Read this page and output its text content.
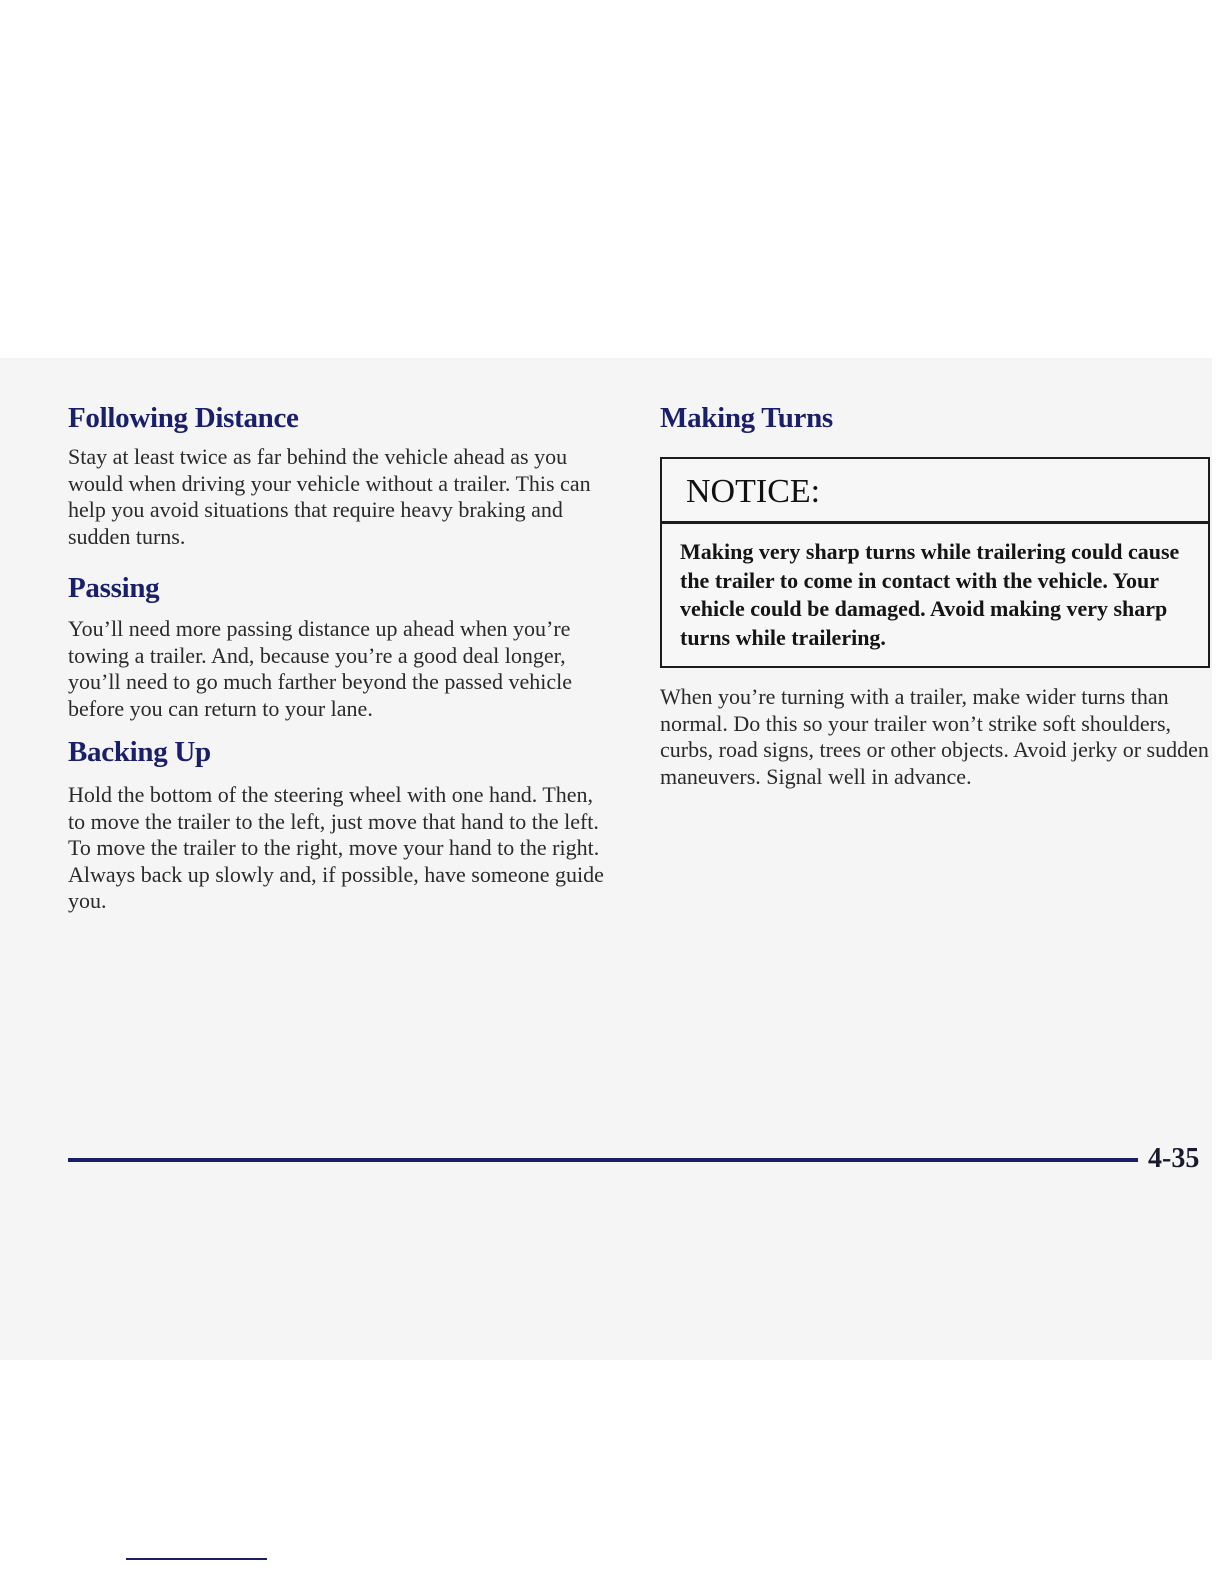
Following Distance

Stay at least twice as far behind the vehicle ahead as you would when driving your vehicle without a trailer. This can help you avoid situations that require heavy braking and sudden turns.

Passing

You’ll need more passing distance up ahead when you’re towing a trailer. And, because you’re a good deal longer, you’ll need to go much farther beyond the passed vehicle before you can return to your lane.

Backing Up

Hold the bottom of the steering wheel with one hand. Then, to move the trailer to the left, just move that hand to the left. To move the trailer to the right, move your hand to the right. Always back up slowly and, if possible, have someone guide you.

Making Turns
NOTICE:
Making very sharp turns while trailering could cause the trailer to come in contact with the vehicle. Your vehicle could be damaged. Avoid making very sharp turns while trailering.

When you’re turning with a trailer, make wider turns than normal. Do this so your trailer won’t strike soft shoulders, curbs, road signs, trees or other objects. Avoid jerky or sudden maneuvers. Signal well in advance.

4-35
